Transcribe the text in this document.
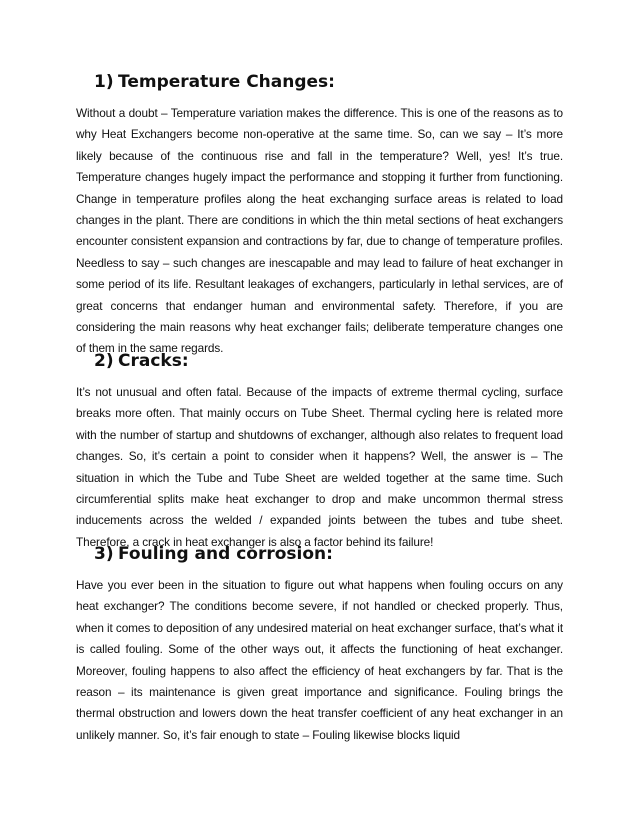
1) Temperature Changes:

Without a doubt – Temperature variation makes the difference. This is one of the reasons as to why Heat Exchangers become non-operative at the same time. So, can we say – It’s more likely because of the continuous rise and fall in the temperature? Well, yes! It’s true. Temperature changes hugely impact the performance and stopping it further from functioning. Change in temperature profiles along the heat exchanging surface areas is related to load changes in the plant. There are conditions in which the thin metal sections of heat exchangers encounter consistent expansion and contractions by far, due to change of temperature profiles. Needless to say – such changes are inescapable and may lead to failure of heat exchanger in some period of its life. Resultant leakages of exchangers, particularly in lethal services, are of great concerns that endanger human and environmental safety. Therefore, if you are considering the main reasons why heat exchanger fails; deliberate temperature changes one of them in the same regards.

2) Cracks:

It’s not unusual and often fatal. Because of the impacts of extreme thermal cycling, surface breaks more often. That mainly occurs on Tube Sheet. Thermal cycling here is related more with the number of startup and shutdowns of exchanger, although also relates to frequent load changes. So, it’s certain a point to consider when it happens? Well, the answer is – The situation in which the Tube and Tube Sheet are welded together at the same time. Such circumferential splits make heat exchanger to drop and make uncommon thermal stress inducements across the welded / expanded joints between the tubes and tube sheet. Therefore, a crack in heat exchanger is also a factor behind its failure!

3) Fouling and corrosion:

Have you ever been in the situation to figure out what happens when fouling occurs on any heat exchanger? The conditions become severe, if not handled or checked properly. Thus, when it comes to deposition of any undesired material on heat exchanger surface, that’s what it is called fouling. Some of the other ways out, it affects the functioning of heat exchanger. Moreover, fouling happens to also affect the efficiency of heat exchangers by far. That is the reason – its maintenance is given great importance and significance. Fouling brings the thermal obstruction and lowers down the heat transfer coefficient of any heat exchanger in an unlikely manner. So, it’s fair enough to state – Fouling likewise blocks liquid
